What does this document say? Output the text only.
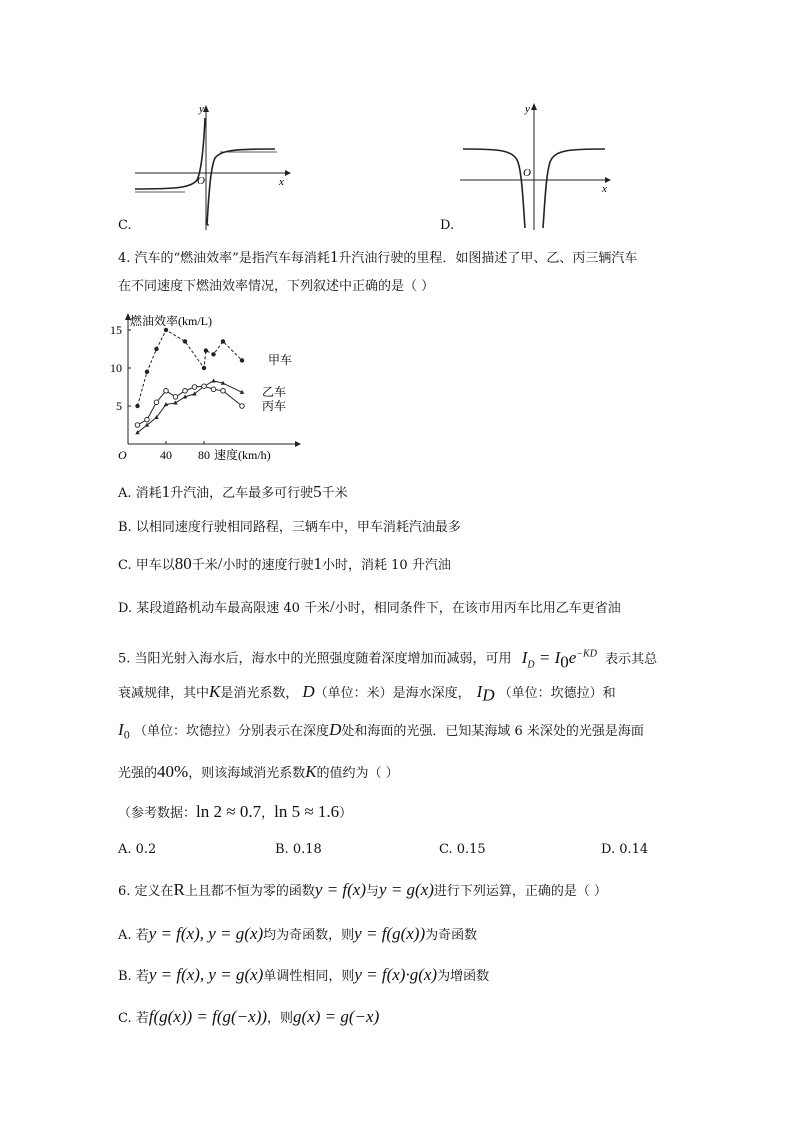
y
x
O
C.
y
x
O
D.
4. 汽车的“燃油效率”是指汽车每消耗1升汽油行驶的里程．如图描述了甲、乙、丙三辆汽车
在不同速度下燃油效率情况，下列叙述中正确的是（ ）
燃油效率(km/L)
5
10
15
40 80 速度(km/h)
O
甲车
乙车
丙车
A. 消耗1升汽油，乙车最多可行驶5千米
B. 以相同速度行驶相同路程，三辆车中，甲车消耗汽油最多
C. 甲车以80千米/小时的速度行驶1小时，消耗 10 升汽油
D. 某段道路机动车最高限速 40 千米/小时，相同条件下，在该市用丙车比用乙车更省油
5. 当阳光射入海水后，海水中的光照强度随着深度增加而减弱，可用 $I_D = I_0e^{-KD}$ 表示其总
衰减规律，其中K是消光系数， D（单位：米）是海水深度， $I_D$ （单位：坎德拉）和
$I_0$ （单位：坎德拉）分别表示在深度D处和海面的光强．已知某海域 6 米深处的光强是海面
光强的40%，则该海域消光系数K的值约为（ ）
（参考数据：ln 2 ≈ 0.7，ln 5 ≈ 1.6）
A. 0.2	B. 0.18	C. 0.15	D. 0.14
6. 定义在R上且都不恒为零的函数y = f(x)与y = g(x)进行下列运算，正确的是（ ）
A. 若y = f(x), y = g(x)均为奇函数，则y = f(g(x))为奇函数
B. 若y = f(x), y = g(x)单调性相同，则y = f(x)·g(x)为增函数
C. 若f(g(x)) = f(g(−x))，则g(x) = g(−x)
